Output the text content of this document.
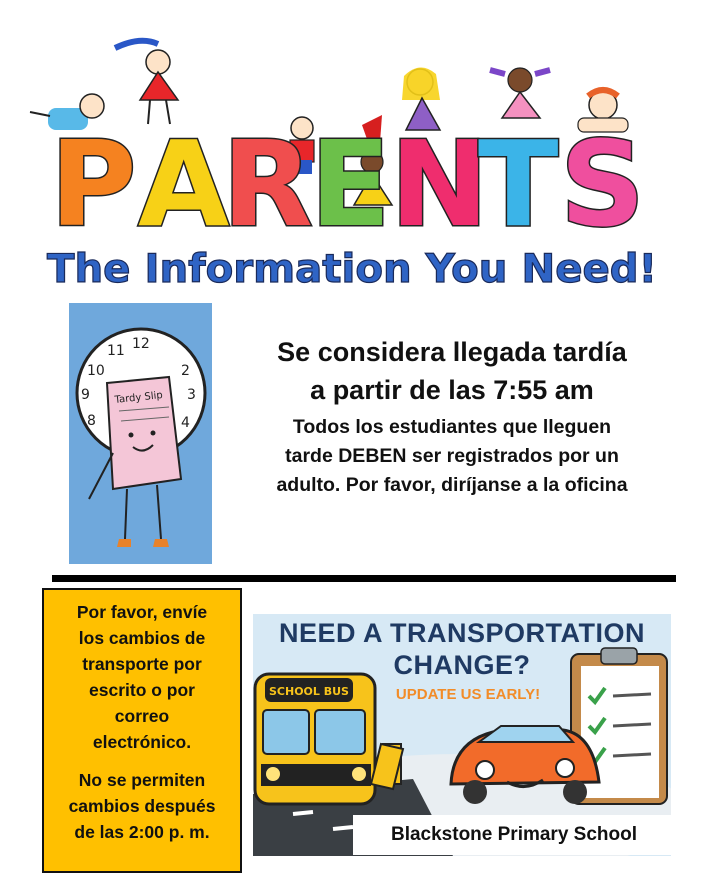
P A
R
E N
T S
The Information You Need!
12
11
10
9
8
2
3
4
Tardy Slip

Se considera llegada tardía

a partir de las 7:55 am

Todos los estudiantes que lleguen

tarde DEBEN ser registrados por un

adulto. Por favor, diríjanse a la oficina

Por favor, envíe

los cambios de

transporte por

escrito o por

correo

electrónico.

No se permiten

cambios después

de las 2:00 p. m.

SCHOOL BUS
NEED A TRANSPORTATION
CHANGE?
UPDATE US EARLY!
Blackstone Primary School
